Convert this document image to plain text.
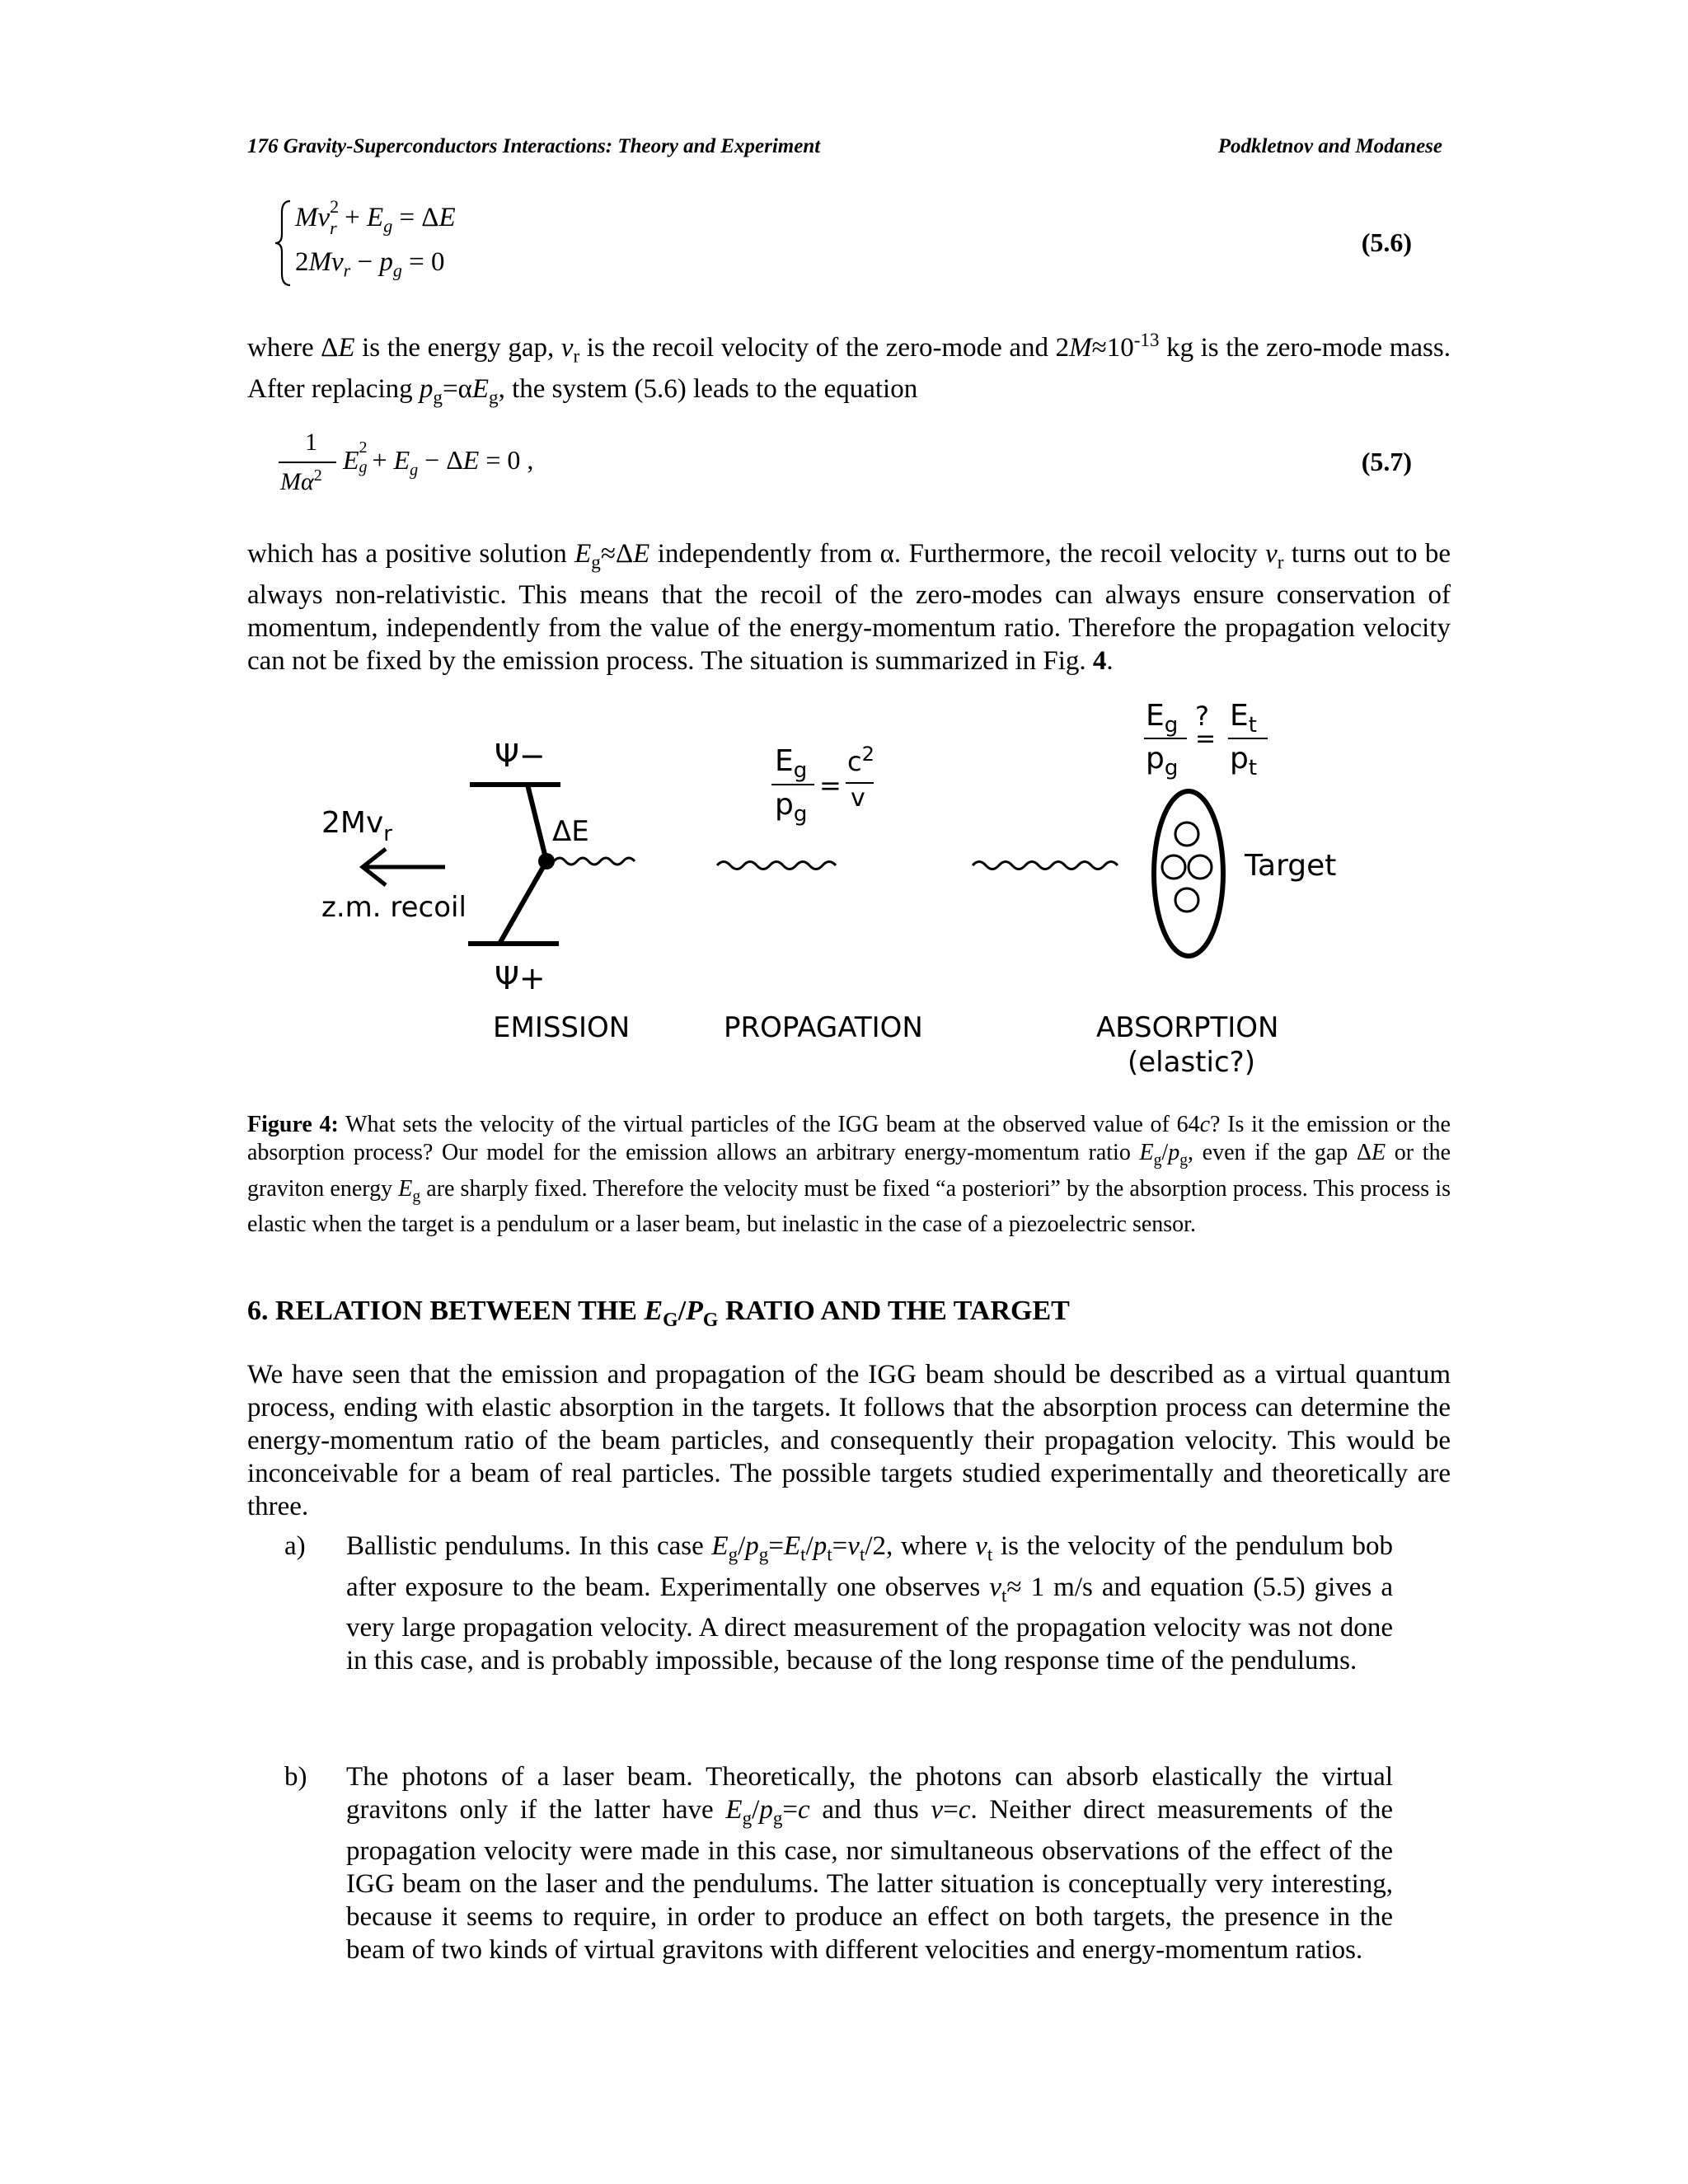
176 Gravity-Superconductors Interactions: Theory and Experiment	Podkletnov and Modanese
Mv 2
$r + E_g = \Delta E$
$2Mv_r - p_g = 0$
(5.6)
where ΔE is the energy gap, $v_r$ is the recoil velocity of the zero-mode and $2M\approx 10^{-13}$ kg is the zero-mode mass. After replacing $p_g=\alpha E_g$, the system (5.6) leads to the equation
1
$M\alpha^2$
E 2
$g + E_g - \Delta E = 0$ ,	(5.7)
which has a positive solution $E_g\approx\Delta E$ independently from α. Furthermore, the recoil velocity $v_r$ turns out to be always non-relativistic. This means that the recoil of the zero-modes can always ensure conservation of momentum, independently from the value of the energy-momentum ratio. Therefore the propagation velocity can not be fixed by the emission process. The situation is summarized in Fig. 4.
$2Mv_r$
z.m. recoil
Ψ−
ΔE
Ψ+
EMISSION
$E_g$
$p_g$
=
$c^2$
v
PROPAGATION
$E_g$ ?
=
$p_g$
$E_t$
$p_t$
Target
ABSORPTION
(elastic?)
Figure 4: What sets the velocity of the virtual particles of the IGG beam at the observed value of 64c? Is it the emission or the absorption process? Our model for the emission allows an arbitrary energy-momentum ratio $E_g/p_g$, even if the gap ΔE or the graviton energy $E_g$ are sharply fixed. Therefore the velocity must be fixed “a posteriori” by the absorption process. This process is elastic when the target is a pendulum or a laser beam, but inelastic in the case of a piezoelectric sensor.
6. RELATION BETWEEN THE $E_G/P_G$ RATIO AND THE TARGET
We have seen that the emission and propagation of the IGG beam should be described as a virtual quantum process, ending with elastic absorption in the targets. It follows that the absorption process can determine the energy-momentum ratio of the beam particles, and consequently their propagation velocity. This would be inconceivable for a beam of real particles. The possible targets studied experimentally and theoretically are three.
a) Ballistic pendulums. In this case $E_g/p_g=E_t/p_t=v_t/2$, where $v_t$ is the velocity of the pendulum bob after exposure to the beam. Experimentally one observes $v_t\approx 1$ m/s and equation (5.5) gives a very large propagation velocity. A direct measurement of the propagation velocity was not done in this case, and is probably impossible, because of the long response time of the pendulums.
b) The photons of a laser beam. Theoretically, the photons can absorb elastically the virtual gravitons only if the latter have $E_g/p_g=c$ and thus v=c. Neither direct measurements of the propagation velocity were made in this case, nor simultaneous observations of the effect of the IGG beam on the laser and the pendulums. The latter situation is conceptually very interesting, because it seems to require, in order to produce an effect on both targets, the presence in the beam of two kinds of virtual gravitons with different velocities and energy-momentum ratios.
